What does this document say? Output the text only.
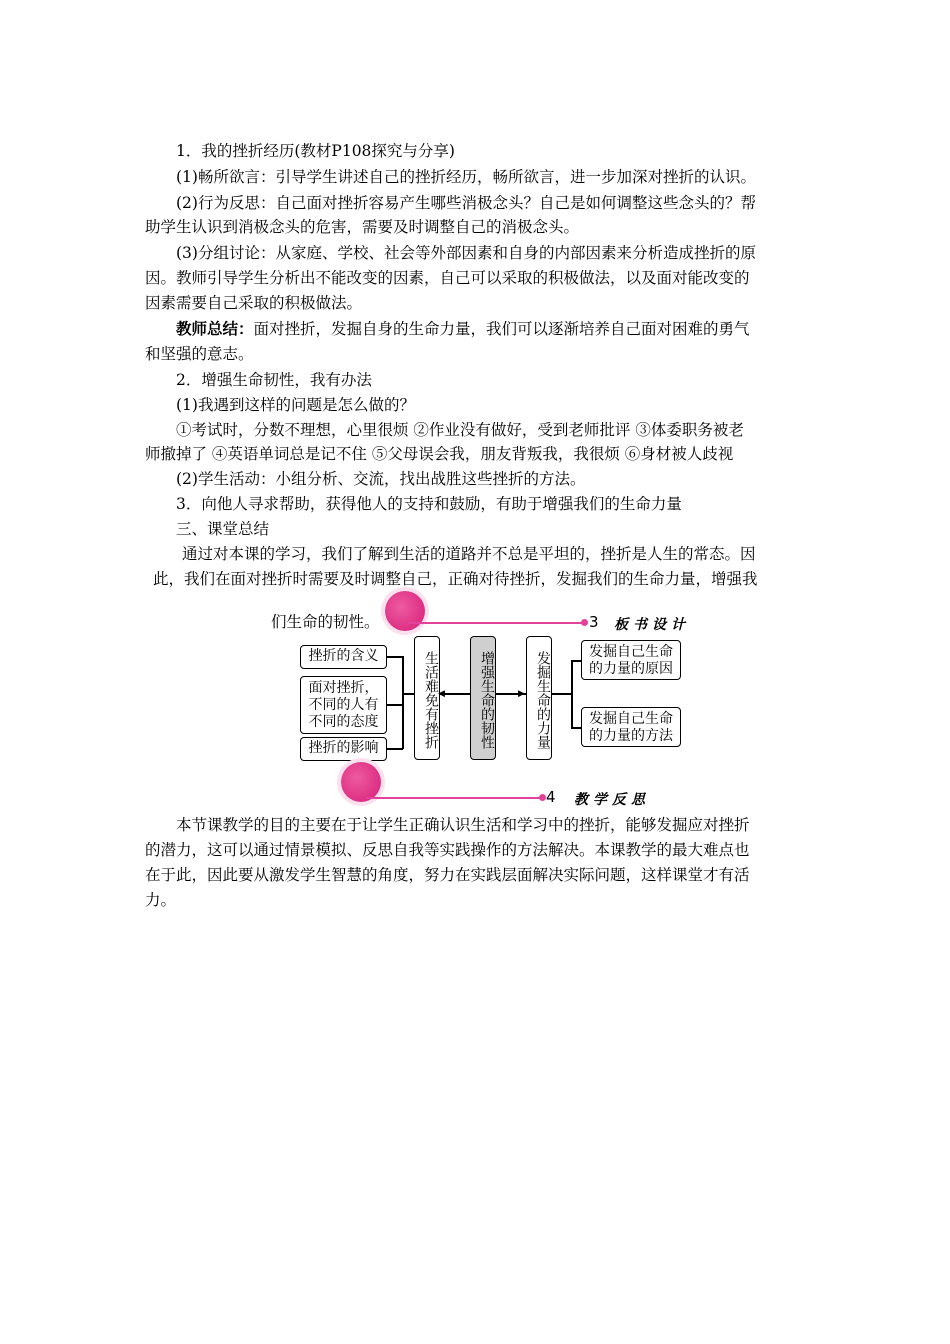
1．我的挫折经历(教材P108探究与分享)
(1)畅所欲言：引导学生讲述自己的挫折经历，畅所欲言，进一步加深对挫折的认识。
(2)行为反思：自己面对挫折容易产生哪些消极念头？自己是如何调整这些念头的？帮
助学生认识到消极念头的危害，需要及时调整自己的消极念头。
(3)分组讨论：从家庭、学校、社会等外部因素和自身的内部因素来分析造成挫折的原
因。教师引导学生分析出不能改变的因素，自己可以采取的积极做法，以及面对能改变的
因素需要自己采取的积极做法。
教师总结：面对挫折，发掘自身的生命力量，我们可以逐渐培养自己面对困难的勇气
和坚强的意志。
2．增强生命韧性，我有办法
(1)我遇到这样的问题是怎么做的？
①考试时，分数不理想，心里很烦 ②作业没有做好，受到老师批评 ③体委职务被老
师撤掉了 ④英语单词总是记不住 ⑤父母误会我，朋友背叛我，我很烦 ⑥身材被人歧视
(2)学生活动：小组分析、交流，找出战胜这些挫折的方法。
3．向他人寻求帮助，获得他人的支持和鼓励，有助于增强我们的生命力量
三、课堂总结
通过对本课的学习，我们了解到生活的道路并不总是平坦的，挫折是人生的常态。因
此，我们在面对挫折时需要及时调整自己，正确对待挫折，发掘我们的生命力量，增强我
们生命的韧性。	3 板书设计
挫折的含义
面对挫折，
不同的人有
不同的态度
挫折的影响	生活难免有挫折 ◀	增强生命的韧性	▶ 发掘生命的力量	发掘自己生命
的力量的原因
发掘自己生命
的力量的方法
4 教学反思
本节课教学的目的主要在于让学生正确认识生活和学习中的挫折，能够发掘应对挫折
的潜力，这可以通过情景模拟、反思自我等实践操作的方法解决。本课教学的最大难点也
在于此，因此要从激发学生智慧的角度，努力在实践层面解决实际问题，这样课堂才有活
力。
